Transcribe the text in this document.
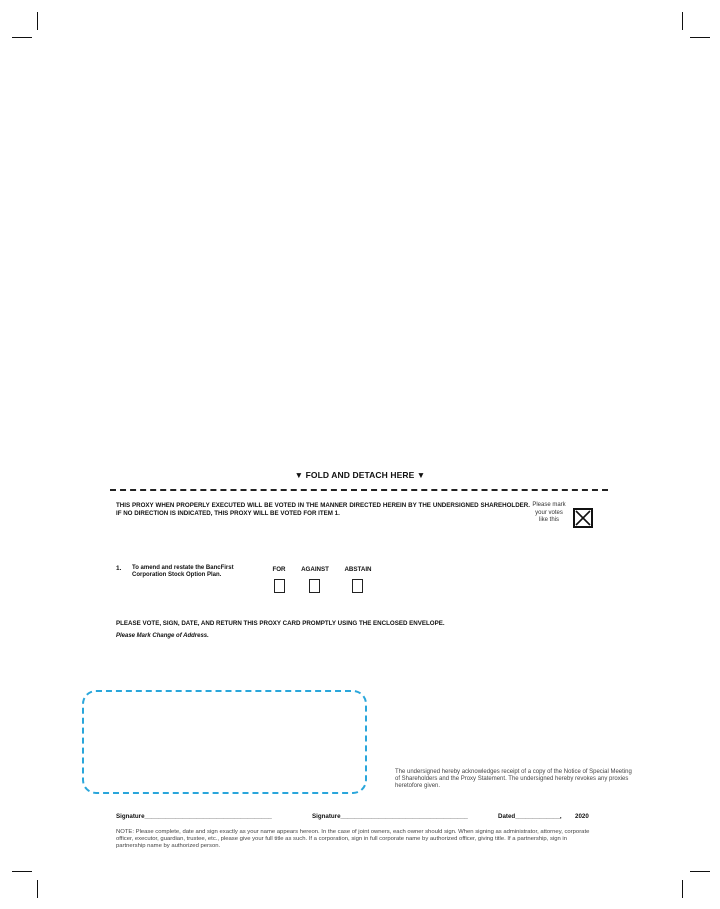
▼ FOLD AND DETACH HERE ▼
THIS PROXY WHEN PROPERLY EXECUTED WILL BE VOTED IN THE MANNER DIRECTED HEREIN BY THE UNDERSIGNED SHAREHOLDER. IF NO DIRECTION IS INDICATED, THIS PROXY WILL BE VOTED FOR ITEM 1.
Please mark your votes like this
1. To amend and restate the BancFirst Corporation Stock Option Plan.
FOR	AGAINST	ABSTAIN
PLEASE VOTE, SIGN, DATE, AND RETURN THIS PROXY CARD PROMPTLY USING THE ENCLOSED ENVELOPE.
Please Mark Change of Address.
The undersigned hereby acknowledges receipt of a copy of the Notice of Special Meeting of Shareholders and the Proxy Statement. The undersigned hereby revokes any proxies heretofore given.
Signature_____________________________________	Signature_____________________________________	Dated_____________, 2020
NOTE: Please complete, date and sign exactly as your name appears hereon. In the case of joint owners, each owner should sign. When signing as administrator, attorney, corporate officer, executor, guardian, trustee, etc., please give your full title as such. If a corporation, sign in full corporate name by authorized officer, giving title. If a partnership, sign in partnership name by authorized person.
